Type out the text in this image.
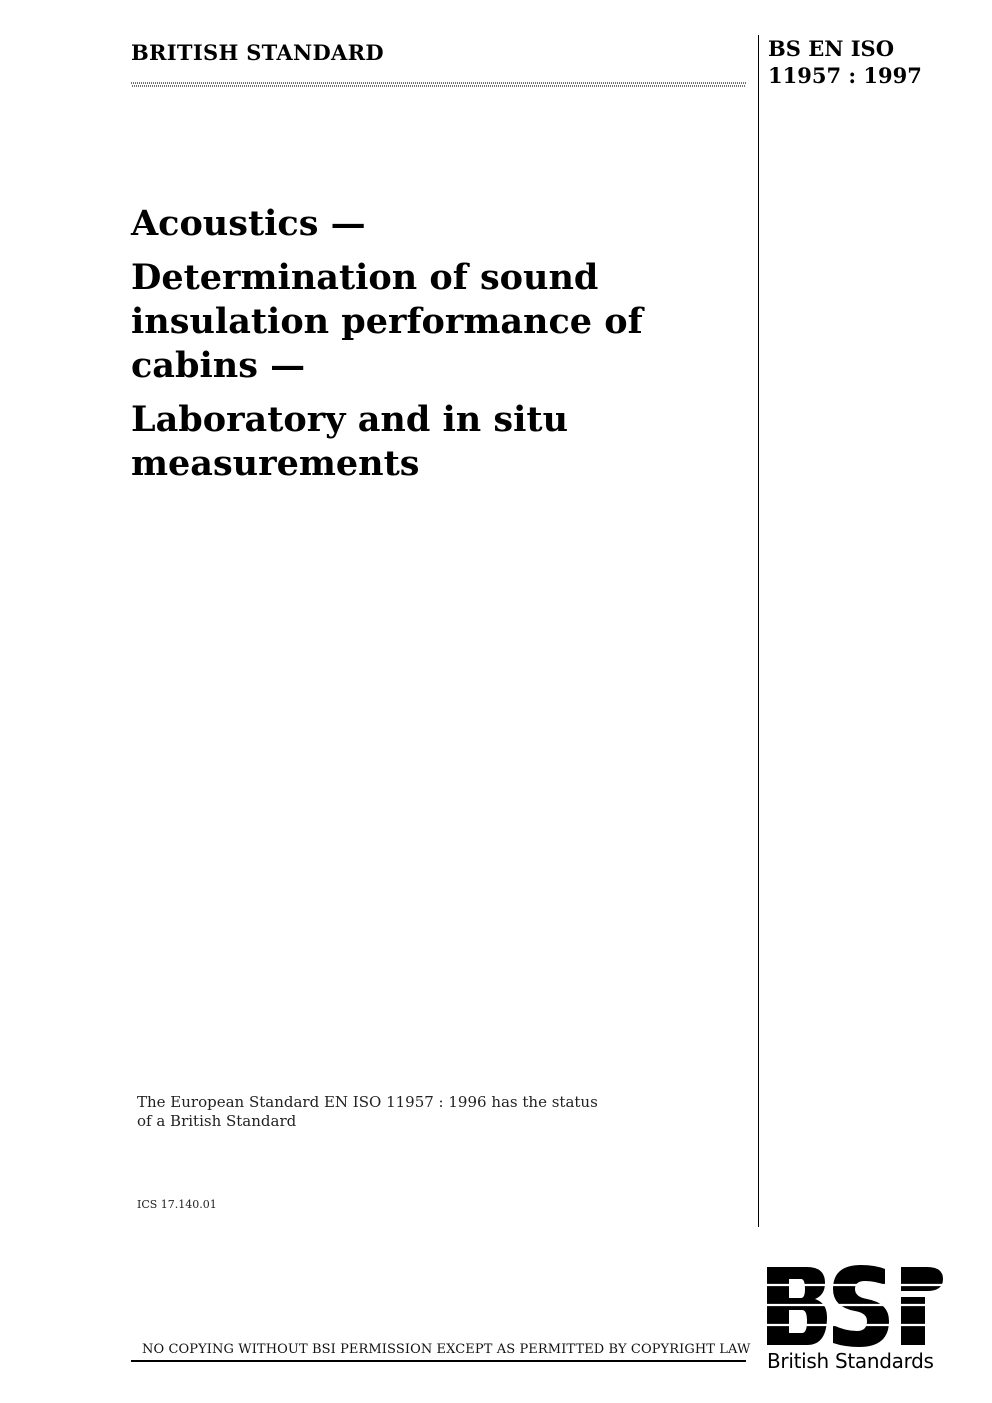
BRITISH STANDARD	BS EN ISO
11957 : 1997
Acoustics —
Determination of sound insulation performance of cabins —
Laboratory and in situ measurements
The European Standard EN ISO 11957 : 1996 has the status of a British Standard
ICS 17.140.01
British Standards
NO COPYING WITHOUT BSI PERMISSION EXCEPT AS PERMITTED BY COPYRIGHT LAW
